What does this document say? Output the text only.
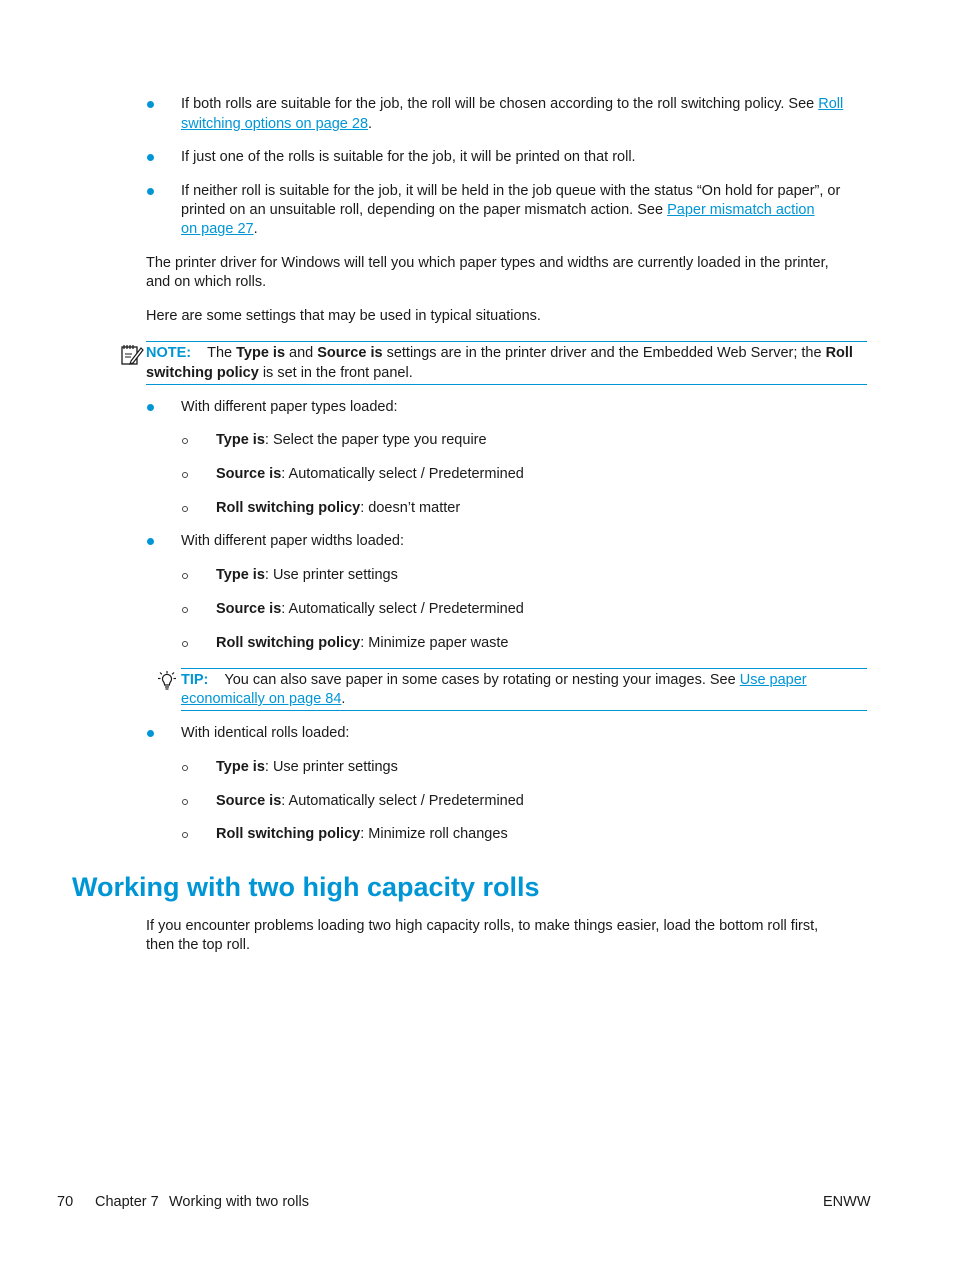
If both rolls are suitable for the job, the roll will be chosen according to the roll switching policy. See Roll
switching options on page 28.
If just one of the rolls is suitable for the job, it will be printed on that roll.
If neither roll is suitable for the job, it will be held in the job queue with the status “On hold for paper”, or
printed on an unsuitable roll, depending on the paper mismatch action. See Paper mismatch action
on page 27.
The printer driver for Windows will tell you which paper types and widths are currently loaded in the printer,
and on which rolls.
Here are some settings that may be used in typical situations.
NOTE: The Type is and Source is settings are in the printer driver and the Embedded Web Server; the Roll
switching policy is set in the front panel.
With different paper types loaded:
Type is: Select the paper type you require
Source is: Automatically select / Predetermined
Roll switching policy: doesn’t matter
With different paper widths loaded:
Type is: Use printer settings
Source is: Automatically select / Predetermined
Roll switching policy: Minimize paper waste
TIP: You can also save paper in some cases by rotating or nesting your images. See Use paper
economically on page 84.
With identical rolls loaded:
Type is: Use printer settings
Source is: Automatically select / Predetermined
Roll switching policy: Minimize roll changes
Working with two high capacity rolls
If you encounter problems loading two high capacity rolls, to make things easier, load the bottom roll first,
then the top roll.
70 Chapter 7 Working with two rolls	ENWW
